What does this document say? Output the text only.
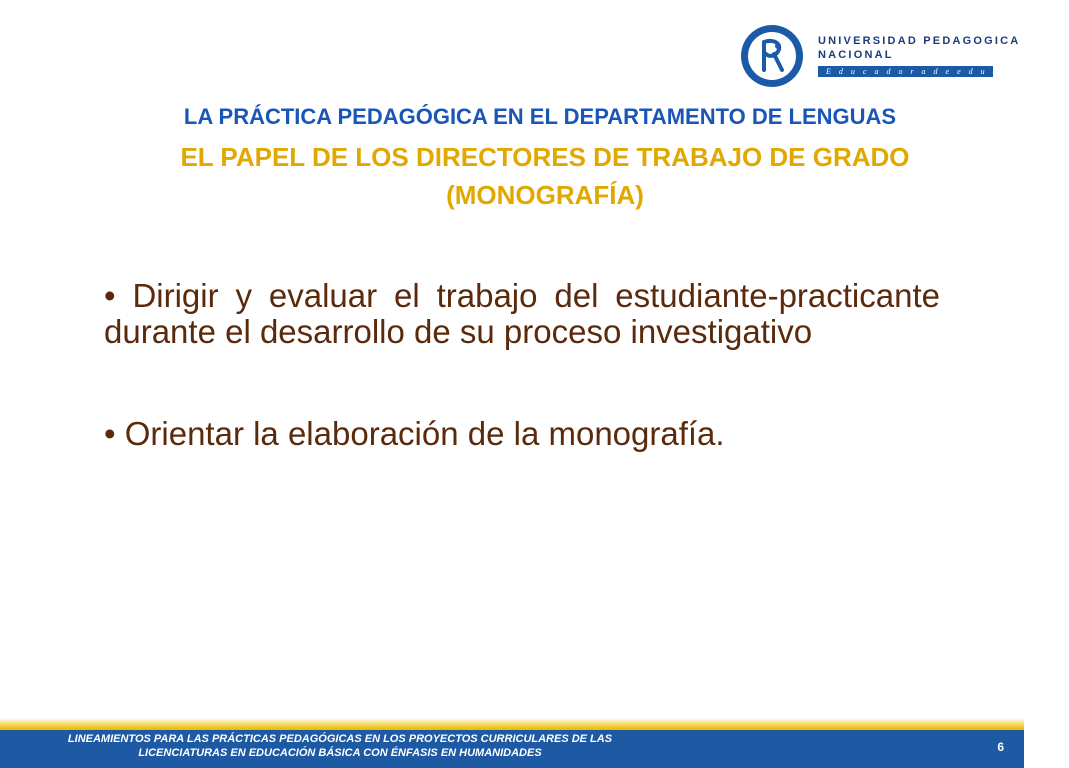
UNIVERSIDAD PEDAGOGICA
NACIONAL
E d u c a d o r a d e e d u c a d o r e s
LA PRÁCTICA PEDAGÓGICA EN EL DEPARTAMENTO DE LENGUAS
EL PAPEL DE LOS DIRECTORES DE TRABAJO DE GRADO (MONOGRAFÍA)

• Dirigir y evaluar el trabajo del estudiante-practicante durante el desarrollo de su proceso investigativo

• Orientar la elaboración de la monografía.

LINEAMIENTOS PARA LAS PRÁCTICAS PEDAGÓGICAS EN LOS PROYECTOS CURRICULARES DE LAS LICENCIATURAS EN EDUCACIÓN BÁSICA CON ÉNFASIS EN HUMANIDADES	6
